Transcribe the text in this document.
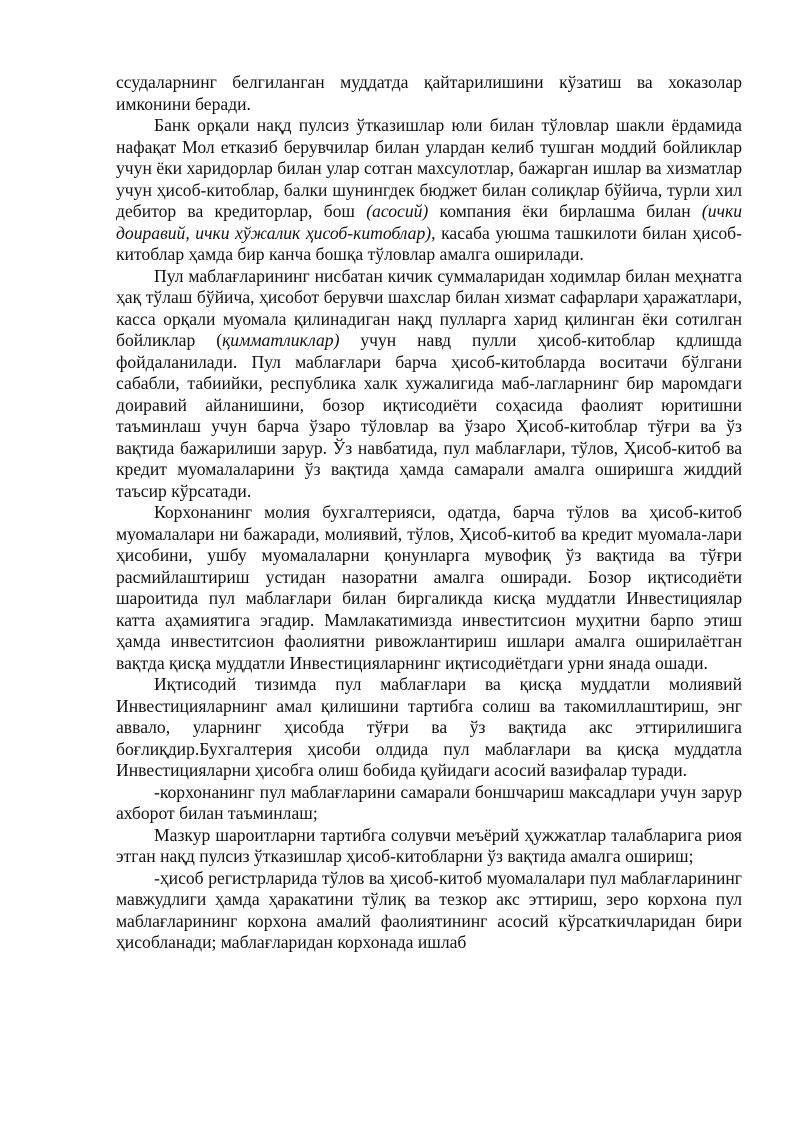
ссудаларнинг белгиланган муддатда қайтарилишини кўзатиш ва хоказолар имконини беради.

Банк орқали нақд пулсиз ўтказишлар юли билан тўловлар шакли ёрдамида нафақат Мол етказиб берувчилар билан улардан келиб тушган моддий бойликлар учун ёки харидорлар билан улар сотган махсулотлар, бажарган ишлар ва хизматлар учун ҳисоб-китоблар, балки шунингдек бюджет билан солиқлар бўйича, турли хил дебитор ва кредиторлар, бош (асосий) компания ёки бирлашма билан (ички доиравий, ички хўжалик ҳисоб-китоблар), касаба уюшма ташкилоти билан ҳисоб-китоблар ҳамда бир канча бошқа тўловлар амалга оширилади.

Пул маблағларининг нисбатан кичик суммаларидан ходимлар билан меҳнатга ҳақ тўлаш бўйича, ҳисобот берувчи шахслар билан хизмат сафарлари ҳаражатлари, касса орқали муомала қилинадиган нақд пулларга харид қилинган ёки сотилган бойликлар (қимматликлар) учун навд пулли ҳисоб-китоблар кдлишда фойдаланилади. Пул маблағлари барча ҳисоб-китобларда воситачи бўлгани сабабли, табиийки, республика халк хужалигида маб-лагларнинг бир маромдаги доиравий айланишини, бозор иқтисодиёти соҳасида фаолият юритишни таъминлаш учун барча ўзаро тўловлар ва ўзаро Ҳисоб-китоблар тўғри ва ўз вақтида бажарилиши зарур. Ўз навбатида, пул маблағлари, тўлов, Ҳисоб-китоб ва кредит муомалаларини ўз вақтида ҳамда самарали амалга оширишга жиддий таъсир кўрсатади.

Корхонанинг молия бухгалтерияси, одатда, барча тўлов ва ҳисоб-китоб муомалалари ни бажаради, молиявий, тўлов, Ҳисоб-китоб ва кредит муомала-лари ҳисобини, ушбу муомалаларни қонунларга мувофиқ ўз вақтида ва тўғри расмийлаштириш устидан назоратни амалга оширади. Бозор иқтисодиёти шароитида пул маблағлари билан биргаликда кисқа муддатли Инвестициялар катта аҳамиятига эгадир. Мамлакатимизда инвеститсион муҳитни барпо этиш ҳамда инвеститсион фаолиятни ривожлантириш ишлари амалга оширилаётган вақтда қисқа муддатли Инвестицияларнинг иқтисодиётдаги урни янада ошади.

Иқтисодий тизимда пул маблағлари ва қисқа муддатли молиявий Инвестицияларнинг амал қилишини тартибга солиш ва такомиллаштириш, энг аввало, уларнинг ҳисобда тўғри ва ўз вақтида акс эттирилишига боғлиқдир.Бухгалтерия ҳисоби олдида пул маблағлари ва қисқа муддатла Инвестицияларни ҳисобга олиш бобида қуйидаги асосий вазифалар туради.

-корхонанинг пул маблағларини самарали боншчариш максадлари учун зарур ахборот билан таъминлаш;

Мазкур шароитларни тартибга солувчи меъёрий ҳужжатлар талабларига риоя этган нақд пулсиз ўтказишлар ҳисоб-китобларни ўз вақтида амалга ошириш;

-ҳисоб регистрларида тўлов ва ҳисоб-китоб муомалалари пул маблағларининг мавжудлиги ҳамда ҳаракатини тўлиқ ва тезкор акс эттириш, зеро корхона пул маблағларининг корхона амалий фаолиятининг асосий кўрсаткичларидан бири ҳисобланади; маблағларидан корхонада ишлаб
